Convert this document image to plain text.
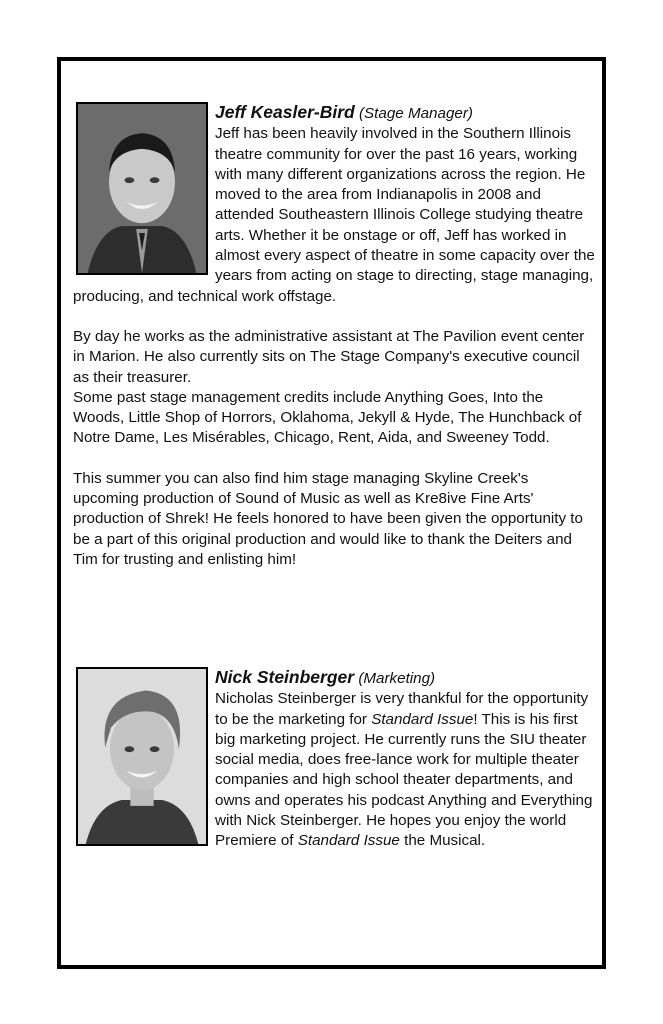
Jeff Keasler-Bird (Stage Manager)

Jeff has been heavily involved in the Southern Illinois theatre community for over the past 16 years, working with many different organizations across the region. He moved to the area from Indianapolis in 2008 and attended Southeastern Illinois College studying theatre arts. Whether it be onstage or off, Jeff has worked in almost every aspect of theatre in some capacity over the years from acting on stage to directing, stage managing, producing, and technical work offstage.

By day he works as the administrative assistant at The Pavilion event center in Marion. He also currently sits on The Stage Company's executive council as their treasurer.

Some past stage management credits include Anything Goes, Into the Woods, Little Shop of Horrors, Oklahoma, Jekyll & Hyde, The Hunchback of Notre Dame, Les Misérables, Chicago, Rent, Aida, and Sweeney Todd.

This summer you can also find him stage managing Skyline Creek's upcoming production of Sound of Music as well as Kre8ive Fine Arts' production of Shrek! He feels honored to have been given the opportunity to be a part of this original production and would like to thank the Deiters and Tim for trusting and enlisting him!

Nick Steinberger (Marketing)

Nicholas Steinberger is very thankful for the opportunity to be the marketing for Standard Issue! This is his first big marketing project. He currently runs the SIU theater social media, does free-lance work for multiple theater companies and high school theater departments, and owns and operates his podcast Anything and Everything with Nick Steinberger. He hopes you enjoy the world Premiere of Standard Issue the Musical.
